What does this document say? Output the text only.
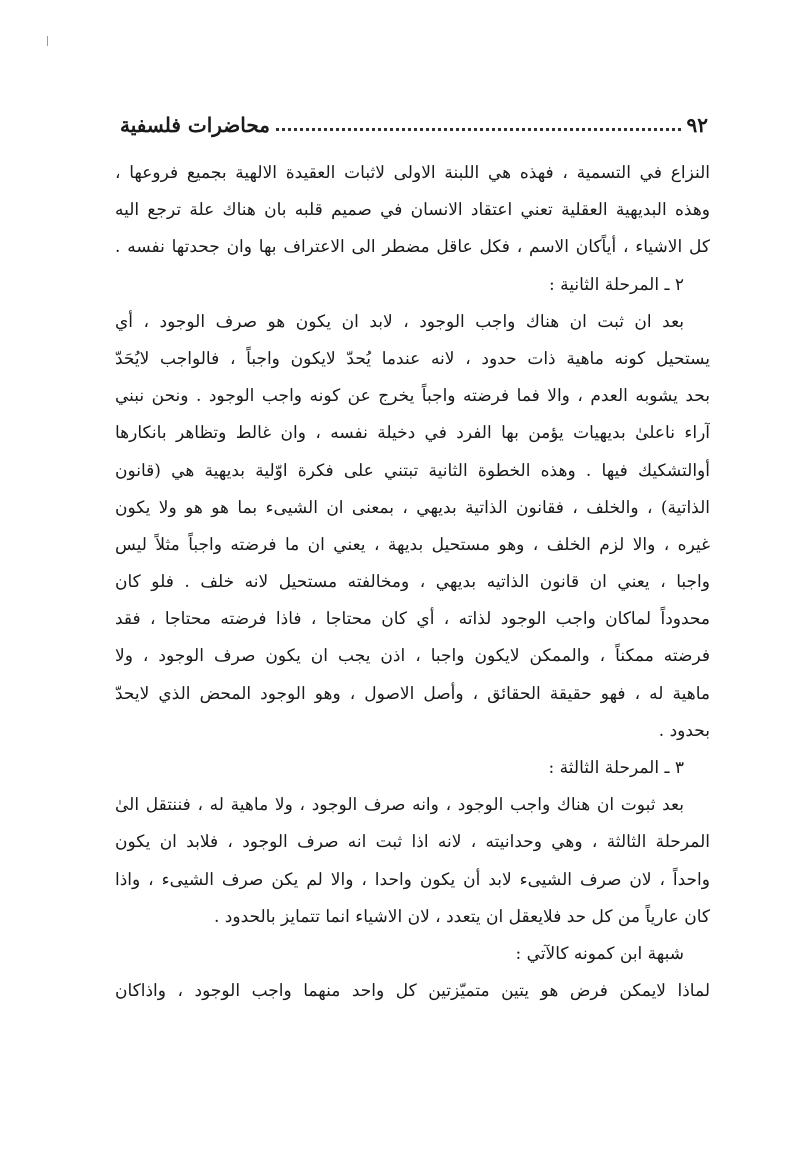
٩٢
محاضرات فلسفية
النزاع في التسمية ، فهذه هي اللبنة الاولى لاثبات العقيدة الالهية بجميع فروعها ،
وهذه البديهية العقلية تعني اعتقاد الانسان في صميم قلبه بان هناك علة ترجع اليه
كل الاشياء ، أياًكان الاسم ، فكل عاقل مضطر الى الاعتراف بها وان جحدتها نفسه .
٢ ـ المرحلة الثانية :
بعد ان ثبت ان هناك واجب الوجود ، لابد ان يكون هو صرف الوجود ، أي
يستحيل كونه ماهية ذات حدود ، لانه عندما يُحدّ لايكون واجباً ، فالواجب لايُحَدّ
بحد يشوبه العدم ، والا فما فرضته واجباً يخرج عن كونه واجب الوجود . ونحن نبني
آراء ناعلىٰ بديهيات يؤمن بها الفرد في دخيلة نفسه ، وان غالط وتظاهر بانكارها
أوالتشكيك فيها . وهذه الخطوة الثانية تبتني على فكرة اوّلية بديهية هي (قانون
الذاتية) ، والخلف ، فقانون الذاتية بديهي ، بمعنى ان الشيىء بما هو هو ولا يكون
غيره ، والا لزم الخلف ، وهو مستحيل بديهة ، يعني ان ما فرضته واجباً مثلاً ليس
واجبا ، يعني ان قانون الذاتيه بديهي ، ومخالفته مستحيل لانه خلف . فلو كان
محدوداً لماكان واجب الوجود لذاته ، أي كان محتاجا ، فاذا فرضته محتاجا ، فقد
فرضته ممكناً ، والممكن لايكون واجبا ، اذن يجب ان يكون صرف الوجود ، ولا
ماهية له ، فهو حقيقة الحقائق ، وأصل الاصول ، وهو الوجود المحض الذي لايحدّ
بحدود .
٣ ـ المرحلة الثالثة :
بعد ثبوت ان هناك واجب الوجود ، وانه صرف الوجود ، ولا ماهية له ، فننتقل الىٰ
المرحلة الثالثة ، وهي وحدانيته ، لانه اذا ثبت انه صرف الوجود ، فلابد ان يكون
واحداً ، لان صرف الشيىء لابد أن يكون واحدا ، والا لم يكن صرف الشيىء ، واذا
كان عارياً من كل حد فلايعقل ان يتعدد ، لان الاشياء انما تتمايز بالحدود .
شبهة ابن كمونه كالآتي :
لماذا لايمكن فرض هو يتين متميّزتين كل واحد منهما واجب الوجود ، واذاكان
